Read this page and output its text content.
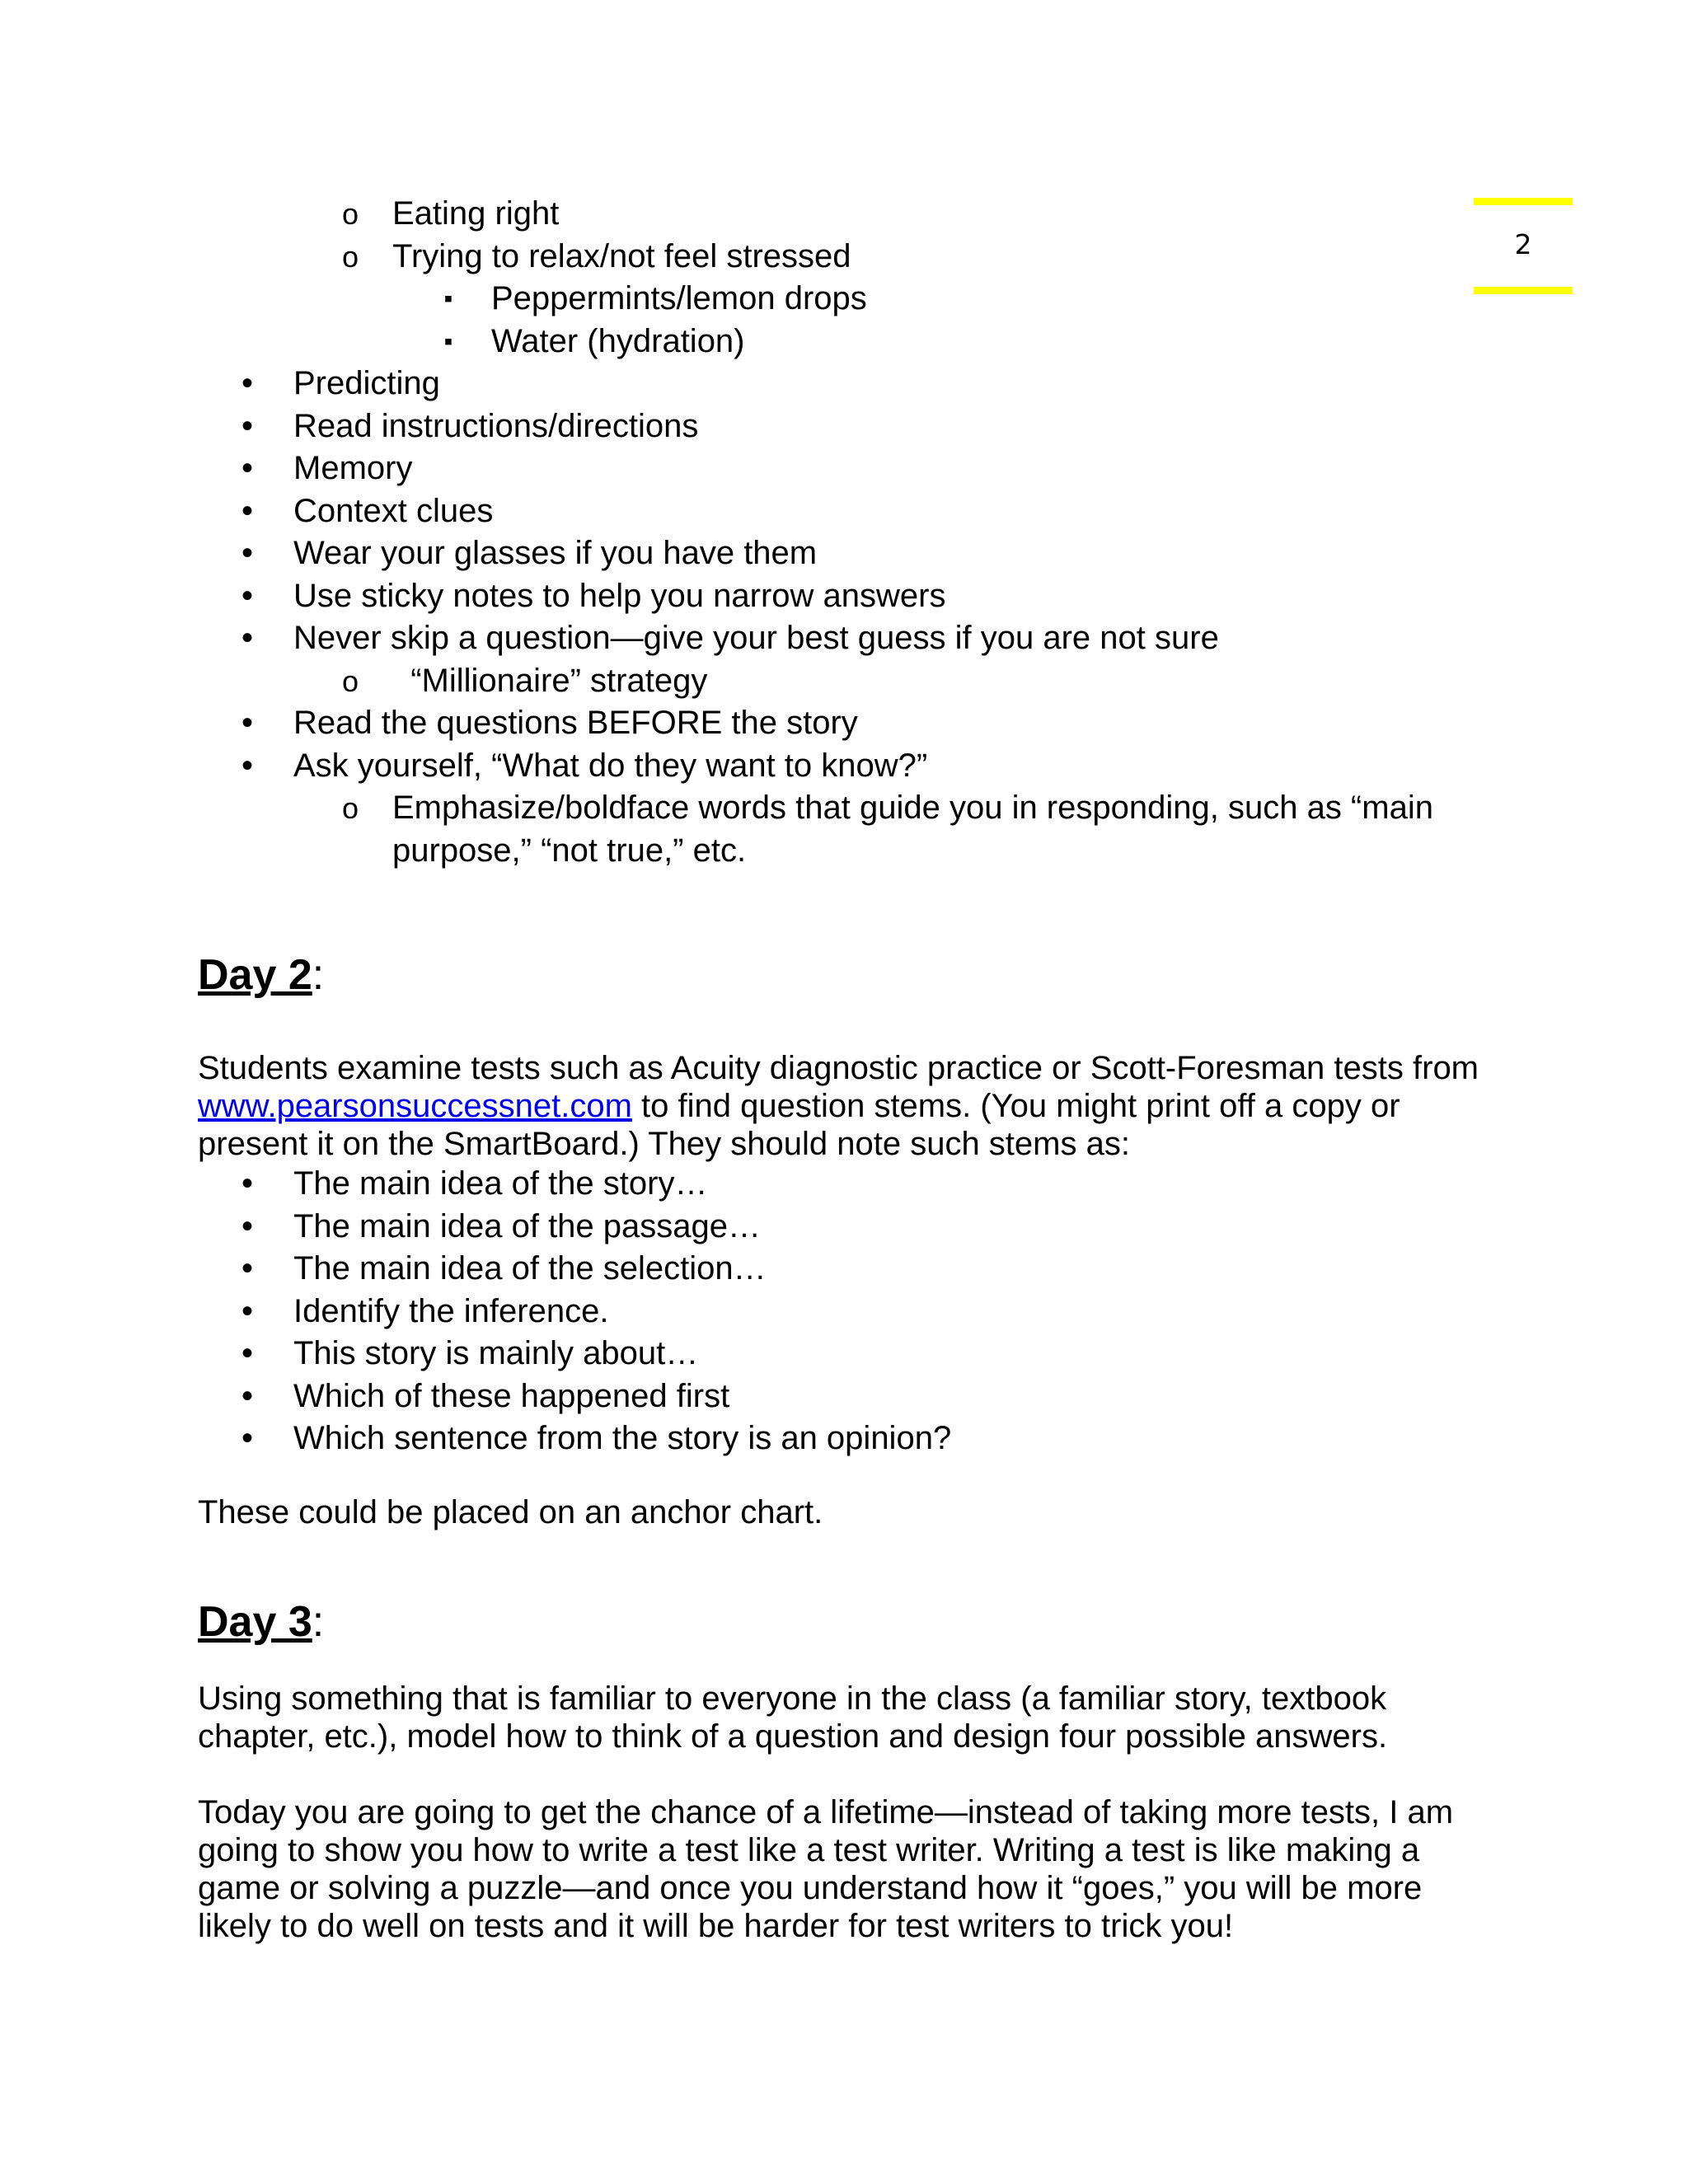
2
o Eating right
o Trying to relax/not feel stressed
▪ Peppermints/lemon drops
▪ Water (hydration)
• Predicting
• Read instructions/directions
• Memory
• Context clues
• Wear your glasses if you have them
• Use sticky notes to help you narrow answers
• Never skip a question—give your best guess if you are not sure
o “Millionaire” strategy
• Read the questions BEFORE the story
• Ask yourself, “What do they want to know?”
o Emphasize/boldface words that guide you in responding, such as “main
purpose,” “not true,” etc.
Day 2:
Students examine tests such as Acuity diagnostic practice or Scott-Foresman tests from
www.pearsonsuccessnet.com to find question stems. (You might print off a copy or
present it on the SmartBoard.) They should note such stems as:
• The main idea of the story…
• The main idea of the passage…
• The main idea of the selection…
• Identify the inference.
• This story is mainly about…
• Which of these happened first
• Which sentence from the story is an opinion?
These could be placed on an anchor chart.
Day 3:
Using something that is familiar to everyone in the class (a familiar story, textbook
chapter, etc.), model how to think of a question and design four possible answers.
Today you are going to get the chance of a lifetime—instead of taking more tests, I am
going to show you how to write a test like a test writer. Writing a test is like making a
game or solving a puzzle—and once you understand how it “goes,” you will be more
likely to do well on tests and it will be harder for test writers to trick you!
